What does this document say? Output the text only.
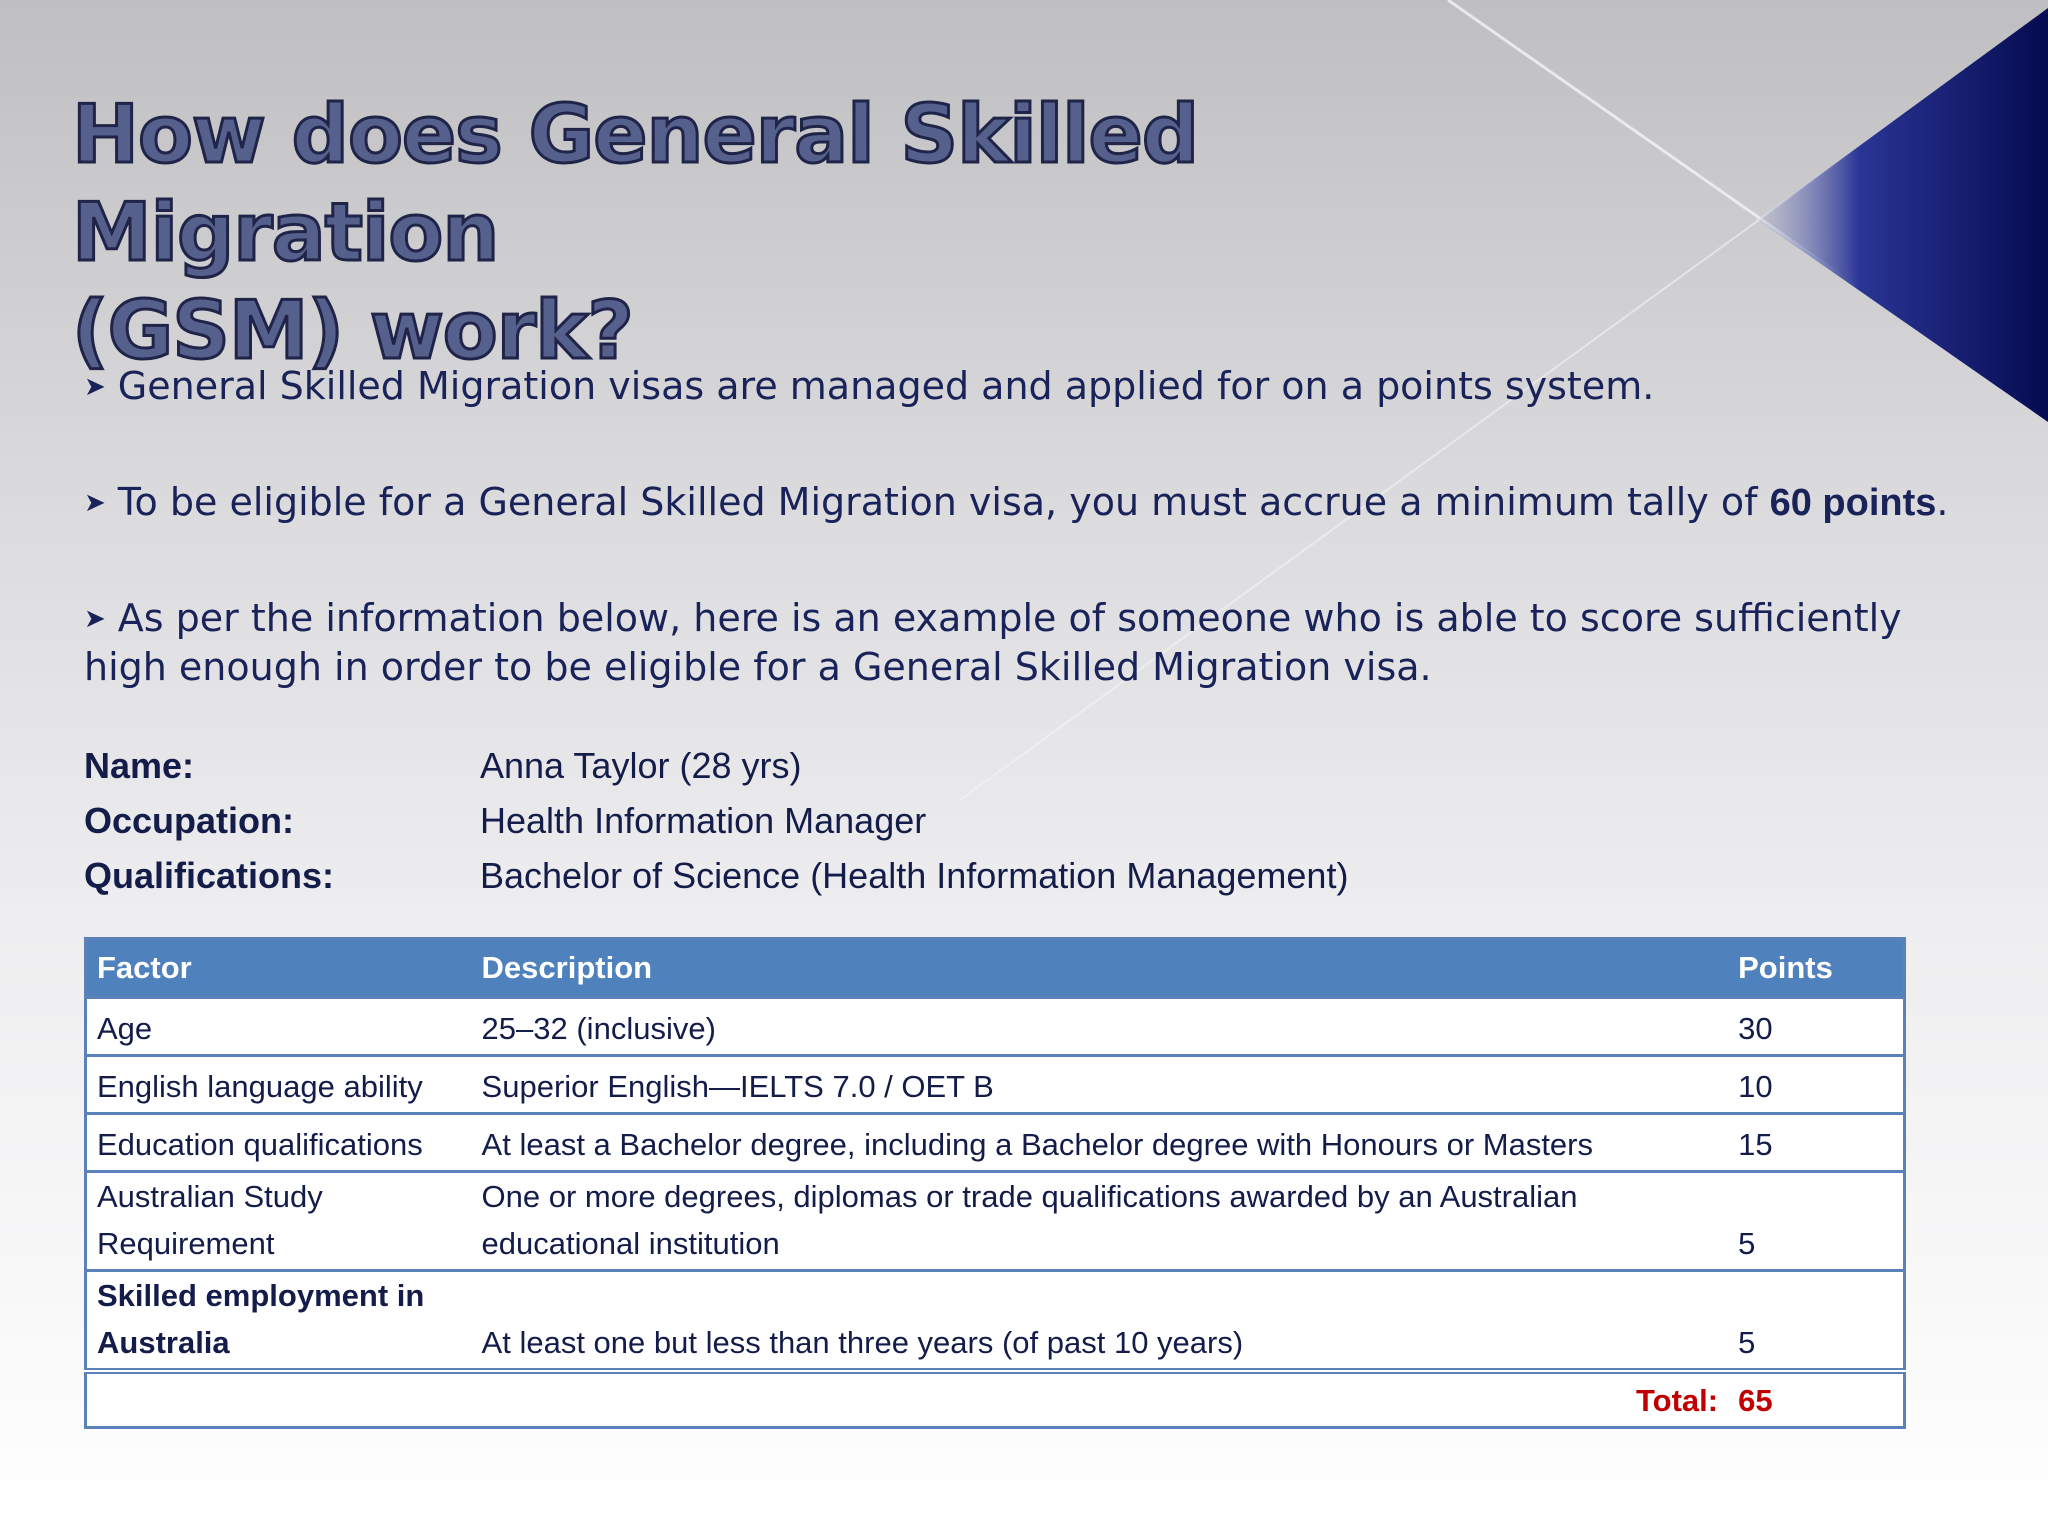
How does General Skilled Migration
(GSM) work?
➤ General Skilled Migration visas are managed and applied for on a points system.
➤ To be eligible for a General Skilled Migration visa, you must accrue a minimum tally of 60 points.
➤ As per the information below, here is an example of someone who is able to score sufficiently high enough in order to be eligible for a General Skilled Migration visa.
Name:	Anna Taylor (28 yrs)
Occupation:	Health Information Manager
Qualifications:	Bachelor of Science (Health Information Management)
Factor	Description	Points
Age	25–32 (inclusive)	30
English language ability	Superior English—IELTS 7.0 / OET B	10
Education qualifications	At least a Bachelor degree, including a Bachelor degree with Honours or Masters	15
Australian Study Requirement	One or more degrees, diplomas or trade qualifications awarded by an Australian educational institution	5
Skilled employment in Australia	At least one but less than three years (of past 10 years)	5
Total:		65
